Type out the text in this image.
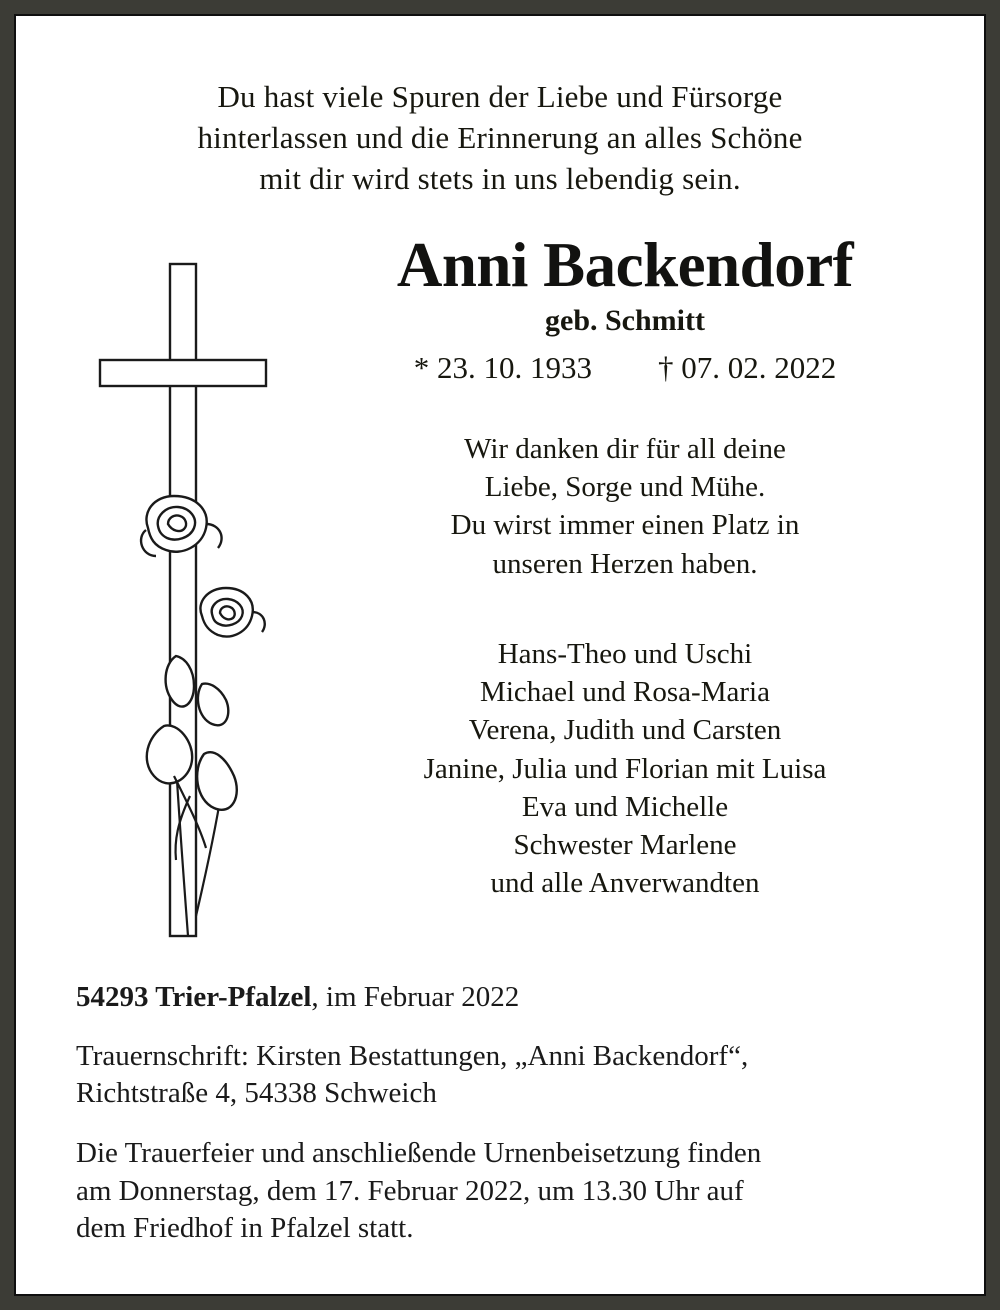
Du hast viele Spuren der Liebe und Fürsorge
hinterlassen und die Erinnerung an alles Schöne
mit dir wird stets in uns lebendig sein.
Anni Backendorf
geb. Schmitt
* 23. 10. 1933 † 07. 02. 2022
Wir danken dir für all deine
Liebe, Sorge und Mühe.
Du wirst immer einen Platz in
unseren Herzen haben.
Hans-Theo und Uschi
Michael und Rosa-Maria
Verena, Judith und Carsten
Janine, Julia und Florian mit Luisa
Eva und Michelle
Schwester Marlene
und alle Anverwandten
54293 Trier-Pfalzel, im Februar 2022
Trauernschrift: Kirsten Bestattungen, „Anni Backendorf“,
Richtstraße 4, 54338 Schweich
Die Trauerfeier und anschließende Urnenbeisetzung finden
am Donnerstag, dem 17. Februar 2022, um 13.30 Uhr auf
dem Friedhof in Pfalzel statt.
